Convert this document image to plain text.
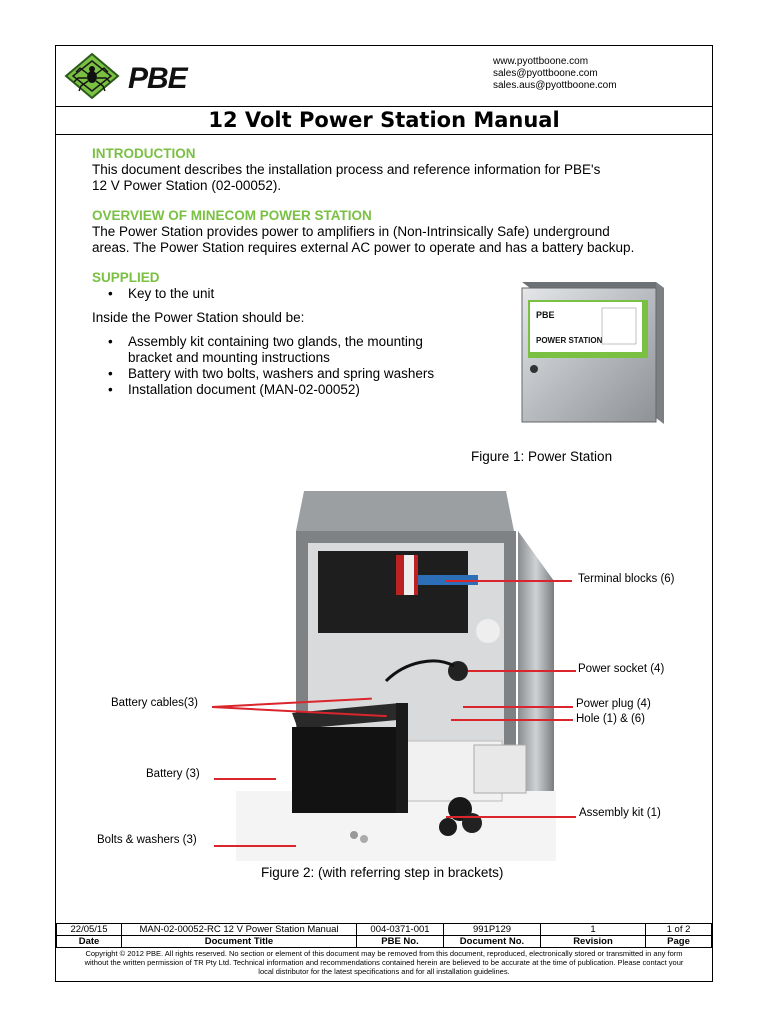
PBE
www.pyottboone.com
sales@pyottboone.com
sales.aus@pyottboone.com
12 Volt Power Station Manual

INTRODUCTION

This document describes the installation process and reference information for PBE's

12 V Power Station (02-00052).

OVERVIEW OF MINECOM POWER STATION

The Power Station provides power to amplifiers in (Non-Intrinsically Safe) underground

areas. The Power Station requires external AC power to operate and has a battery backup.

SUPPLIED

• Key to the unit

Inside the Power Station should be:

• Assembly kit containing two glands, the mounting
bracket and mounting instructions
• Battery with two bolts, washers and spring washers
• Installation document (MAN-02-00052)
PBE
POWER STATION
Figure 1: Power Station
Terminal blocks (6)
Power socket (4)
Power plug (4)
Hole (1) & (6)
Assembly kit (1)
Battery cables(3)
Battery (3)
Bolts & washers (3)
Figure 2: (with referring step in brackets)
22/05/15	MAN-02-00052-RC 12 V Power Station Manual	004-0371-001	991P129	1	1 of 2
Date	Document Title	PBE No.	Document No.	Revision	Page
Copyright © 2012 PBE. All rights reserved. No section or element of this document may be removed from this document, reproduced, electronically stored or transmitted in any form
without the written permission of TR Pty Ltd. Technical information and recommendations contained herein are believed to be accurate at the time of publication. Please contact your
local distributor for the latest specifications and for all installation guidelines.
